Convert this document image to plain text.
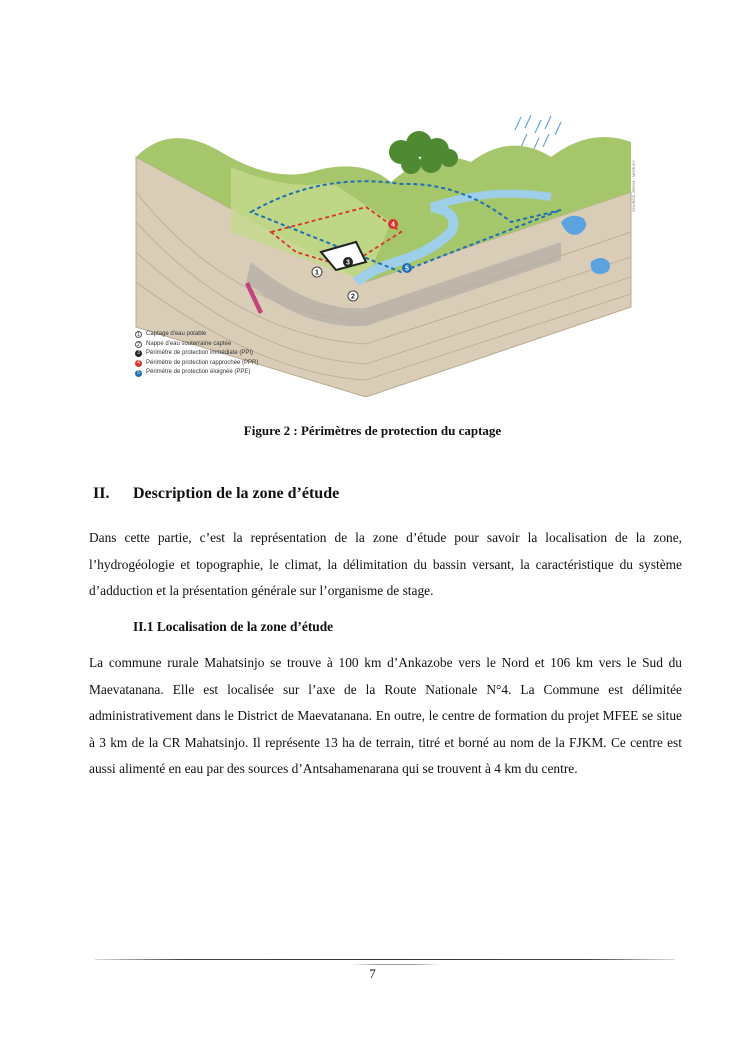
1
2
3
4
5
SOURCE: BRGM - MORLEY
1	Captage d'eau potable
2	Nappe d'eau souterraine captée
3	Périmètre de protection immédiate (PPI)
4	Périmètre de protection rapprochée (PPR)
5	Périmètre de protection éloignée (PPE)
Figure 2 : Périmètres de protection du captage
II. Description de la zone d’étude
Dans cette partie, c’est la représentation de la zone d’étude pour savoir la localisation de la zone, l’hydrogéologie et topographie, le climat, la délimitation du bassin versant, la caractéristique du système d’adduction et la présentation générale sur l’organisme de stage.
II.1 Localisation de la zone d’étude
La commune rurale Mahatsinjo se trouve à 100 km d’Ankazobe vers le Nord et 106 km vers le Sud du Maevatanana. Elle est localisée sur l’axe de la Route Nationale N°4. La Commune est délimitée administrativement dans le District de Maevatanana. En outre, le centre de formation du projet MFEE se situe à 3 km de la CR Mahatsinjo. Il représente 13 ha de terrain, titré et borné au nom de la FJKM. Ce centre est aussi alimenté en eau par des sources d’Antsahamenarana qui se trouvent à 4 km du centre.
7
